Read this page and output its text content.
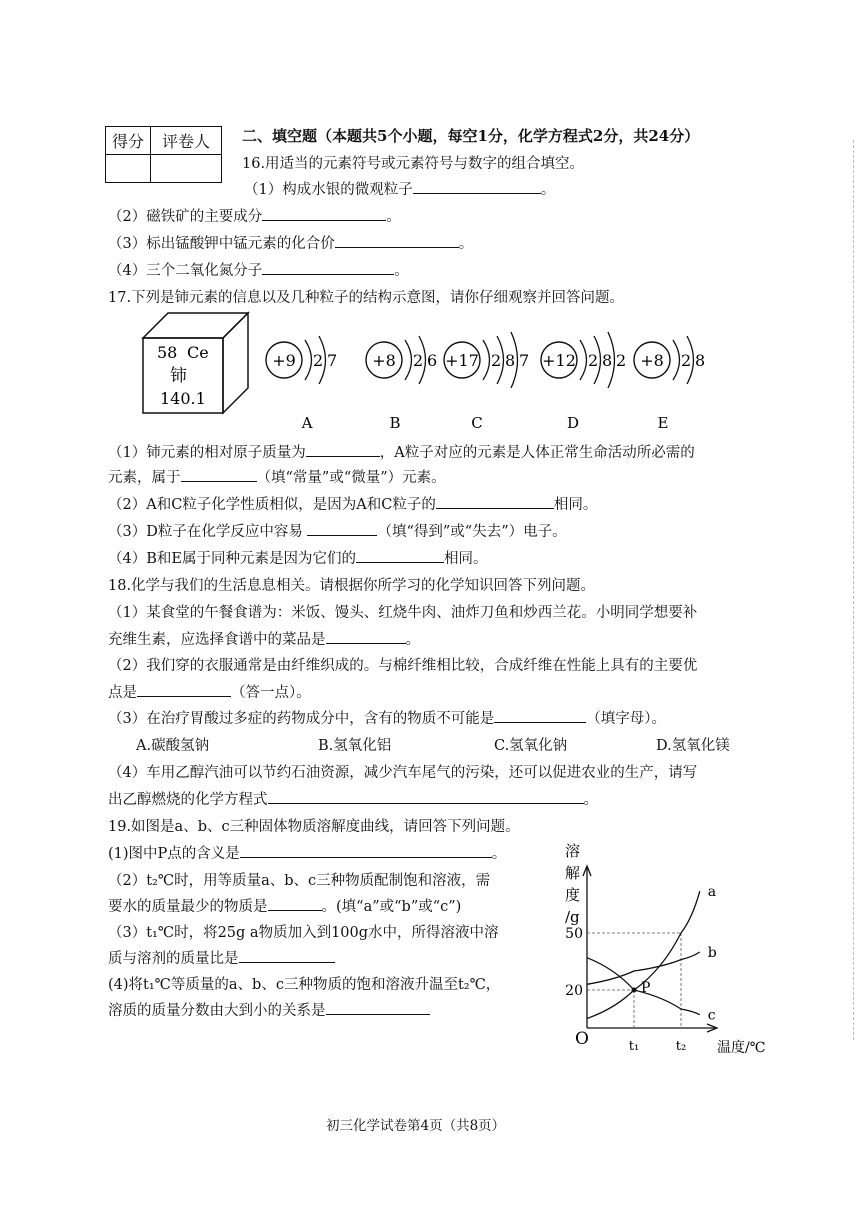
得分	评卷人
	二、填空题（本题共5个小题，每空1分，化学方程式2分，共24分）
16.用适当的元素符号或元素符号与数字的组合填空。
（1）构成水银的微观粒子	。
（2）磁铁矿的主要成分	。
（3）标出锰酸钾中锰元素的化合价	。
（4）三个二氧化氮分子	。
17.下列是铈元素的信息以及几种粒子的结构示意图，请你仔细观察并回答问题。
58 Ce
铈
140.1
+9 2 7
A
+8 2 6
B
+17 2 8 7
C
+12 2 8 2
D
+8 2 8
E
（1）铈元素的相对原子质量为	，A粒子对应的元素是人体正常生命活动所必需的
元素，属于	（填“常量”或“微量”）元素。
（2）A和C粒子化学性质相似，是因为A和C粒子的	相同。
（3）D粒子在化学反应中容易	（填“得到”或“失去”）电子。
（4）B和E属于同种元素是因为它们的	相同。
18.化学与我们的生活息息相关。请根据你所学习的化学知识回答下列问题。
（1）某食堂的午餐食谱为：米饭、馒头、红烧牛肉、油炸刀鱼和炒西兰花。小明同学想要补
充维生素，应选择食谱中的菜品是	。
（2）我们穿的衣服通常是由纤维织成的。与棉纤维相比较，合成纤维在性能上具有的主要优
点是	（答一点）。
（3）在治疗胃酸过多症的药物成分中，含有的物质不可能是	（填字母）。
A.碳酸氢钠	B.氢氧化铝	C.氢氧化钠	D.氢氧化镁
（4）车用乙醇汽油可以节约石油资源，减少汽车尾气的污染，还可以促进农业的生产，请写
出乙醇燃烧的化学方程式	。
19.如图是a、b、c三种固体物质溶解度曲线，请回答下列问题。
(1)图中P点的含义是	。
（2）t₂℃时，用等质量a、b、c三种物质配制饱和溶液，需
要水的质量最少的物质是	。(填“a”或“b”或“c”)
（3）t₁℃时，将25g a物质加入到100g水中，所得溶液中溶
质与溶剂的质量比是
(4)将t₁℃等质量的a、b、c三种物质的饱和溶液升温至t₂℃，
溶质的质量分数由大到小的关系是
溶解度/g
温度/℃
O
20
50
t₁	t₂
a
b
c
P
初三化学试卷第4页（共8页）
